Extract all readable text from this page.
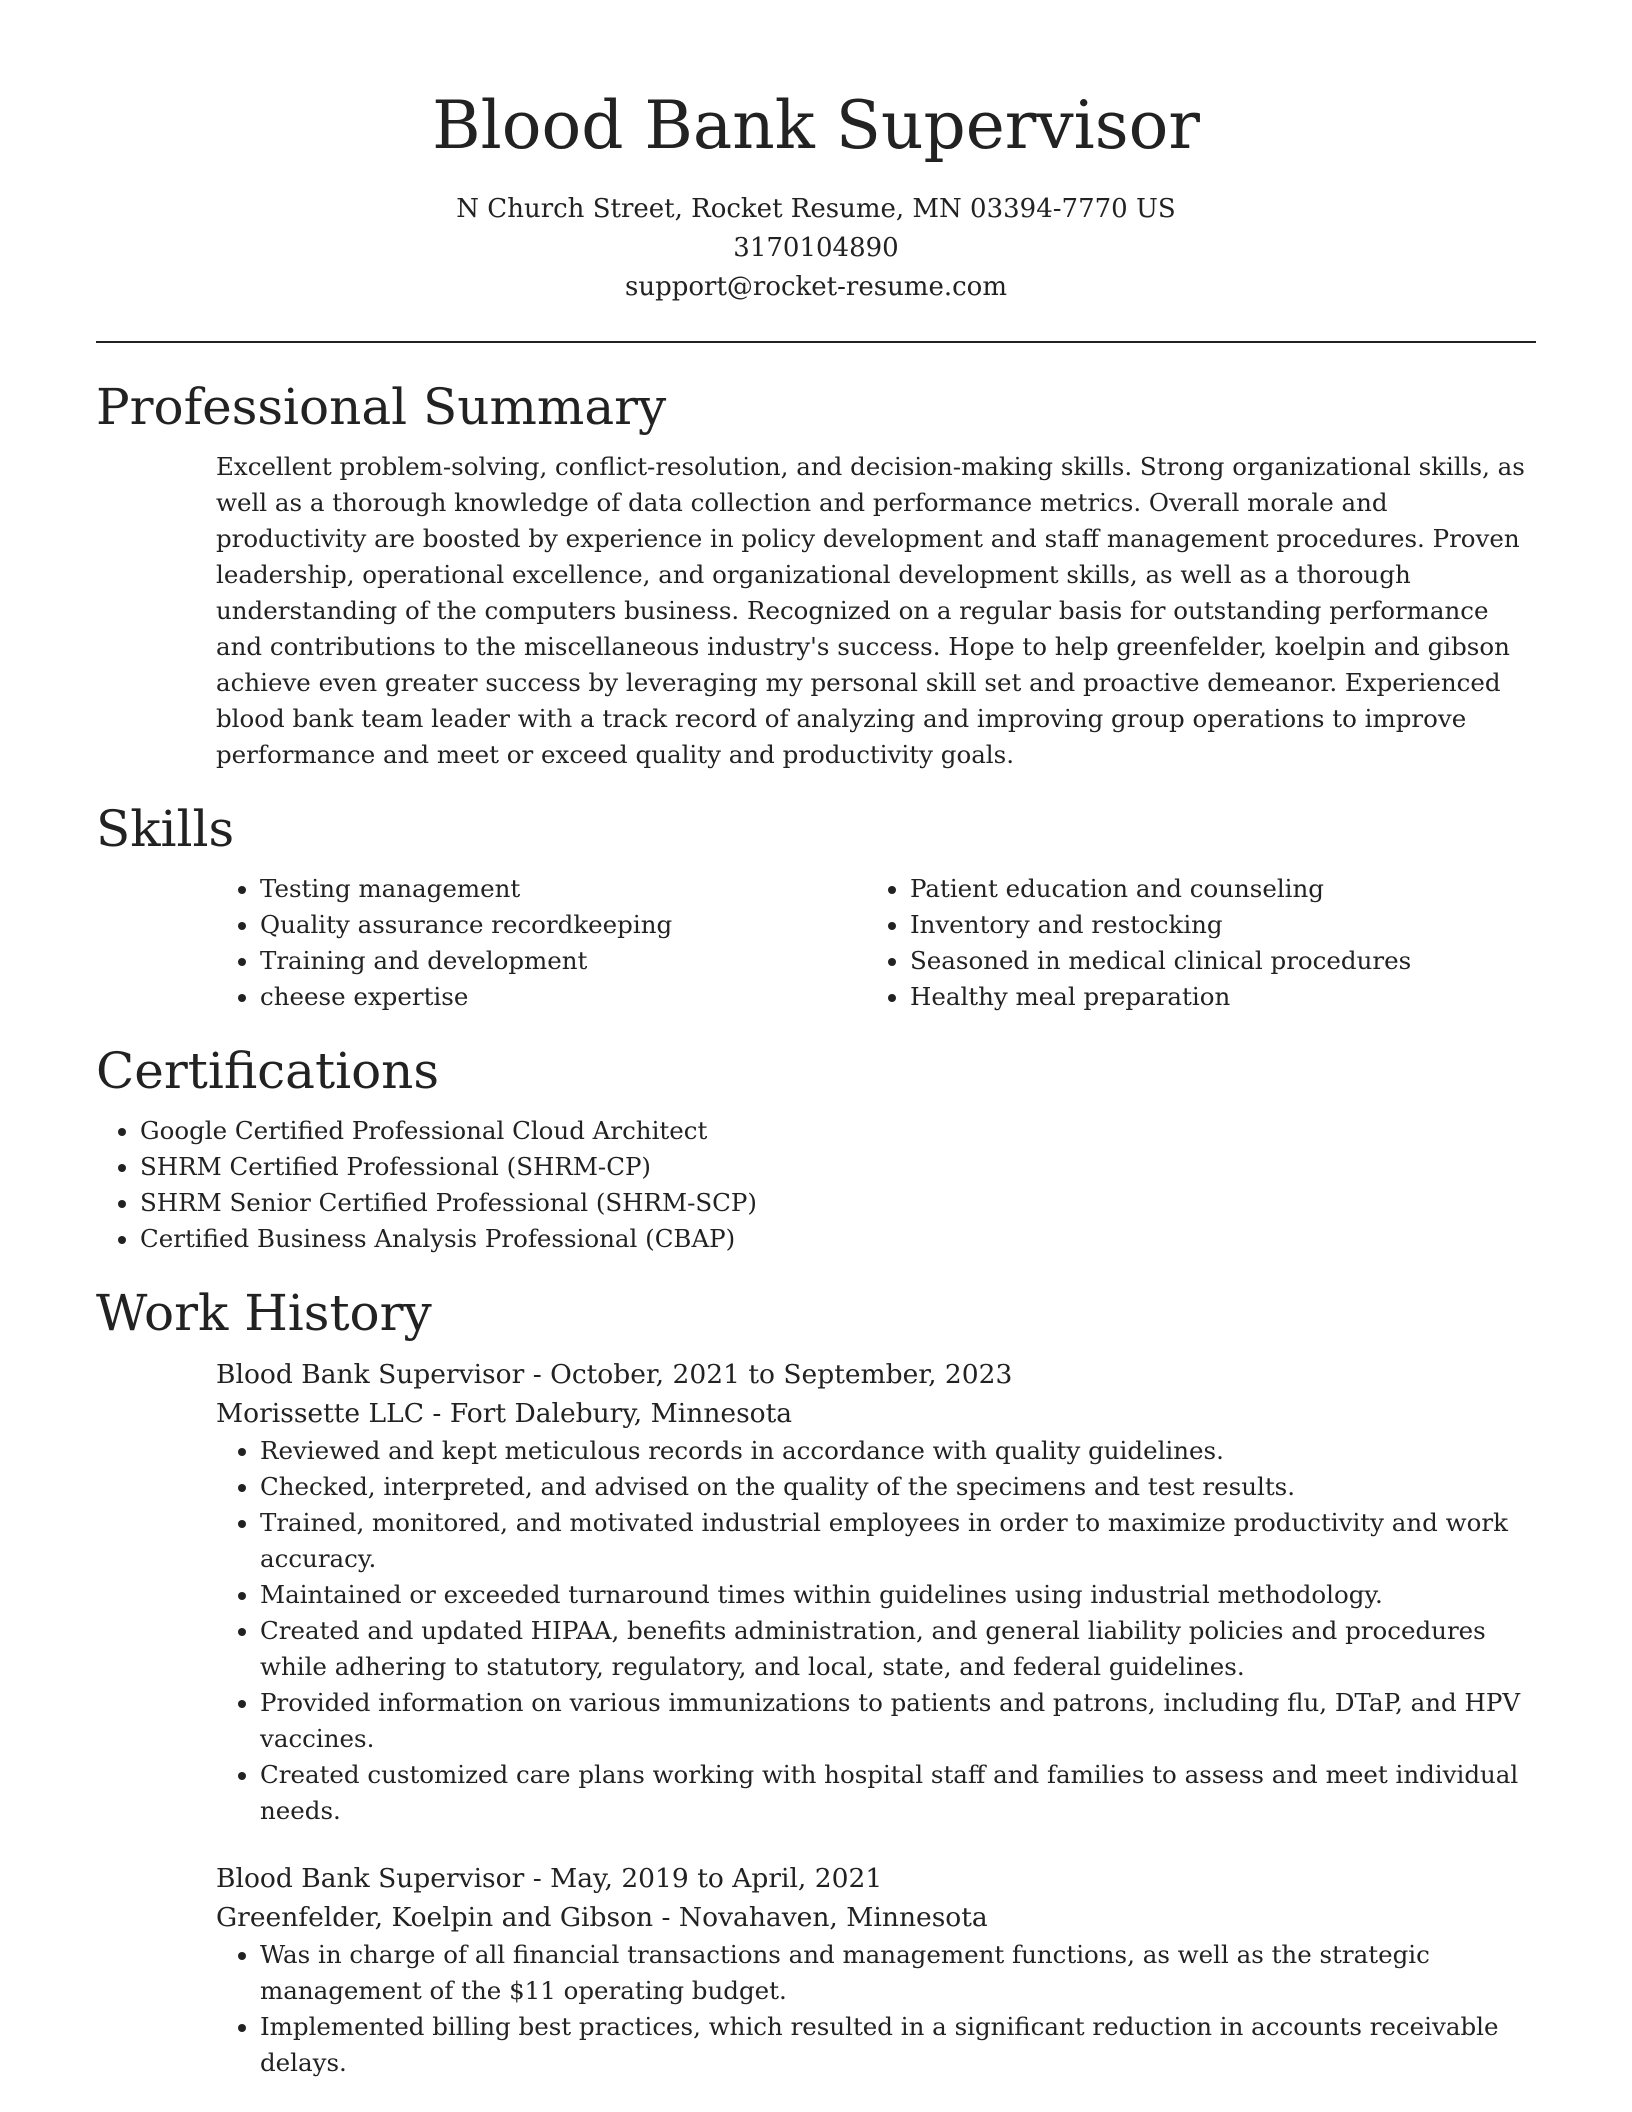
Blood Bank Supervisor
N Church Street, Rocket Resume, MN 03394-7770 US
3170104890
support@rocket-resume.com
Professional Summary

Excellent problem-solving, conflict-resolution, and decision-making skills. Strong organizational skills, as well as a thorough knowledge of data collection and performance metrics. Overall morale and productivity are boosted by experience in policy development and staff management procedures. Proven leadership, operational excellence, and organizational development skills, as well as a thorough understanding of the computers business. Recognized on a regular basis for outstanding performance and contributions to the miscellaneous industry's success. Hope to help greenfelder, koelpin and gibson achieve even greater success by leveraging my personal skill set and proactive demeanor. Experienced blood bank team leader with a track record of analyzing and improving group operations to improve performance and meet or exceed quality and productivity goals.

Skills
• Testing management
• Quality assurance recordkeeping
• Training and development
• cheese expertise
• Patient education and counseling
• Inventory and restocking
• Seasoned in medical clinical procedures
• Healthy meal preparation
Certifications
• Google Certified Professional Cloud Architect
• SHRM Certified Professional (SHRM-CP)
• SHRM Senior Certified Professional (SHRM-SCP)
• Certified Business Analysis Professional (CBAP)
Work History
Blood Bank Supervisor - October, 2021 to September, 2023
Morissette LLC - Fort Dalebury, Minnesota
• Reviewed and kept meticulous records in accordance with quality guidelines.
• Checked, interpreted, and advised on the quality of the specimens and test results.
• Trained, monitored, and motivated industrial employees in order to maximize productivity and work accuracy.
• Maintained or exceeded turnaround times within guidelines using industrial methodology.
• Created and updated HIPAA, benefits administration, and general liability policies and procedures while adhering to statutory, regulatory, and local, state, and federal guidelines.
• Provided information on various immunizations to patients and patrons, including flu, DTaP, and HPV vaccines.
• Created customized care plans working with hospital staff and families to assess and meet individual needs.
Blood Bank Supervisor - May, 2019 to April, 2021
Greenfelder, Koelpin and Gibson - Novahaven, Minnesota
• Was in charge of all financial transactions and management functions, as well as the strategic management of the $11 operating budget.
• Implemented billing best practices, which resulted in a significant reduction in accounts receivable delays.
